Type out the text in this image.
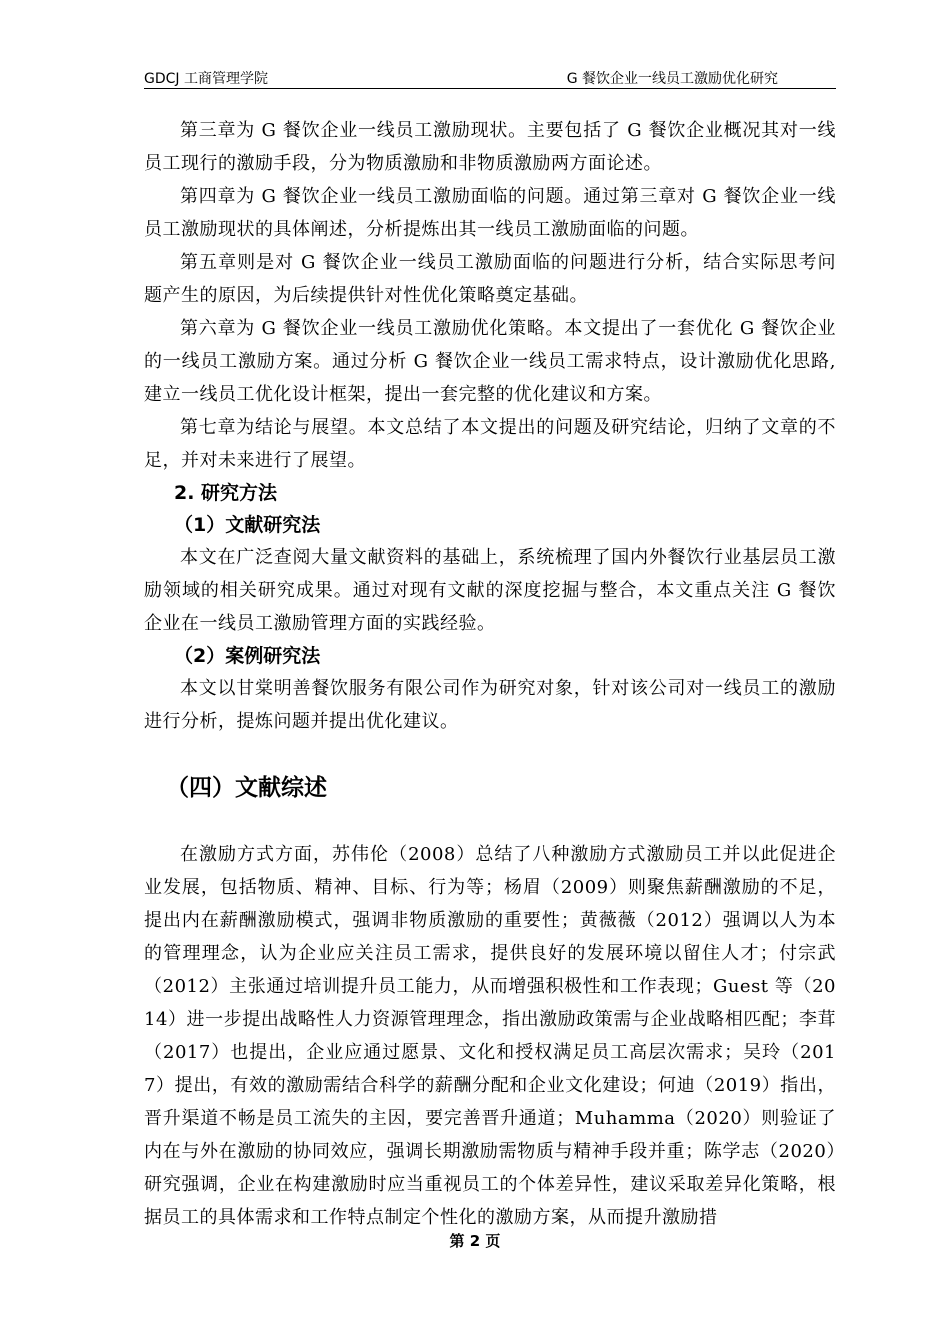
GDCJ 工商管理学院	G 餐饮企业一线员工激励优化研究

第三章为 G 餐饮企业一线员工激励现状。主要包括了 G 餐饮企业概况其对一线员工现行的激励手段，分为物质激励和非物质激励两方面论述。

第四章为 G 餐饮企业一线员工激励面临的问题。通过第三章对 G 餐饮企业一线员工激励现状的具体阐述，分析提炼出其一线员工激励面临的问题。

第五章则是对 G 餐饮企业一线员工激励面临的问题进行分析，结合实际思考问题产生的原因，为后续提供针对性优化策略奠定基础。

第六章为 G 餐饮企业一线员工激励优化策略。本文提出了一套优化 G 餐饮企业的一线员工激励方案。通过分析 G 餐饮企业一线员工需求特点，设计激励优化思路,建立一线员工优化设计框架，提出一套完整的优化建议和方案。

第七章为结论与展望。本文总结了本文提出的问题及研究结论，归纳了文章的不足，并对未来进行了展望。

2. 研究方法

（1）文献研究法

本文在广泛查阅大量文献资料的基础上，系统梳理了国内外餐饮行业基层员工激励领域的相关研究成果。通过对现有文献的深度挖掘与整合，本文重点关注 G 餐饮企业在一线员工激励管理方面的实践经验。

（2）案例研究法

本文以甘棠明善餐饮服务有限公司作为研究对象，针对该公司对一线员工的激励进行分析，提炼问题并提出优化建议。

（四）文献综述

在激励方式方面，苏伟伦（2008）总结了八种激励方式激励员工并以此促进企业发展，包括物质、精神、目标、行为等；杨眉（2009）则聚焦薪酬激励的不足，提出内在薪酬激励模式，强调非物质激励的重要性；黄薇薇（2012）强调以人为本的管理理念，认为企业应关注员工需求，提供良好的发展环境以留住人才；付宗武（2012）主张通过培训提升员工能力，从而增强积极性和工作表现；Guest 等（2014）进一步提出战略性人力资源管理理念，指出激励政策需与企业战略相匹配；李茸（2017）也提出，企业应通过愿景、文化和授权满足员工高层次需求；吴玲（2017）提出，有效的激励需结合科学的薪酬分配和企业文化建设；何迪（2019）指出，晋升渠道不畅是员工流失的主因，要完善晋升通道；Muhamma（2020）则验证了内在与外在激励的协同效应，强调长期激励需物质与精神手段并重；陈学志（2020）研究强调，企业在构建激励时应当重视员工的个体差异性，建议采取差异化策略，根据员工的具体需求和工作特点制定个性化的激励方案，从而提升激励措

第 2 页
